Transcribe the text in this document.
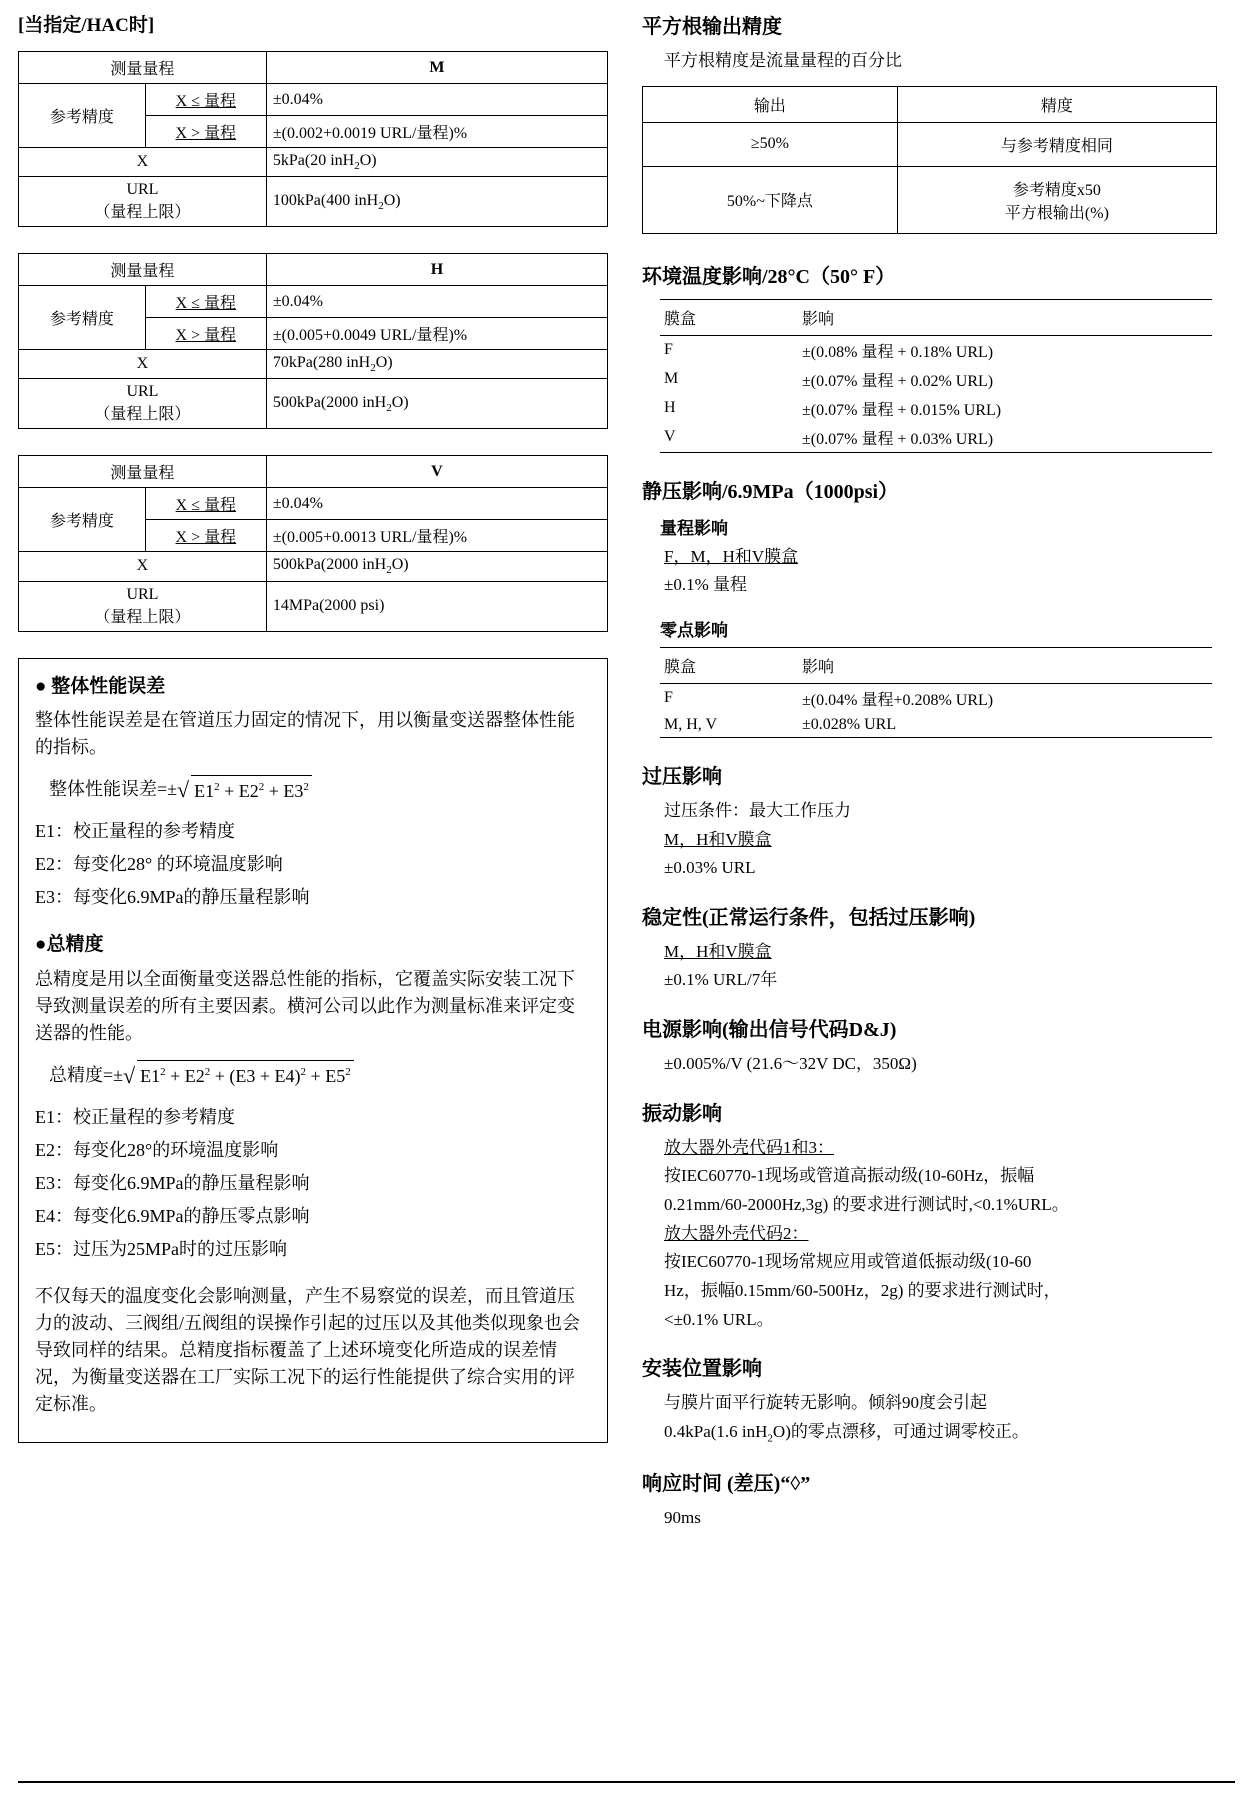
[当指定/HAC时]
测量量程		M
参考精度	X ≤ 量程	±0.04%
	X > 量程	±(0.002+0.0019 URL/量程)%
X		5kPa(20 inH$_2$O)
URL
（量程上限）		100kPa(400 inH$_2$O)
测量量程		H
参考精度	X ≤ 量程	±0.04%
	X > 量程	±(0.005+0.0049 URL/量程)%
X		70kPa(280 inH$_2$O)
URL
（量程上限）		500kPa(2000 inH$_2$O)
测量量程		V
参考精度	X ≤ 量程	±0.04%
	X > 量程	±(0.005+0.0013 URL/量程)%
X		500kPa(2000 inH$_2$O)
URL
（量程上限）		14MPa(2000 psi)

● 整体性能误差

整体性能误差是在管道压力固定的情况下，用以衡量变送器整体性能的指标。

整体性能误差=± √ $E1^2 + E2^2 + E3^2$

E1：校正量程的参考精度

E2：每变化28° 的环境温度影响

E3：每变化6.9MPa的静压量程影响

●总精度

总精度是用以全面衡量变送器总性能的指标，它覆盖实际安装工况下导致测量误差的所有主要因素。横河公司以此作为测量标准来评定变送器的性能。

总精度=± √ $E1^2 + E2^2 + (E3 + E4)^2 + E5^2$

E1：校正量程的参考精度

E2：每变化28°的环境温度影响

E3：每变化6.9MPa的静压量程影响

E4：每变化6.9MPa的静压零点影响

E5：过压为25MPa时的过压影响

不仅每天的温度变化会影响测量，产生不易察觉的误差，而且管道压力的波动、三阀组/五阀组的误操作引起的过压以及其他类似现象也会导致同样的结果。总精度指标覆盖了上述环境变化所造成的误差情况，为衡量变送器在工厂实际工况下的运行性能提供了综合实用的评定标准。

平方根输出精度
平方根精度是流量量程的百分比
输出	精度
≥50%	与参考精度相同
50%~下降点	参考精度x50
平方根输出(%)
环境温度影响/28°C（50° F）
膜盒	影响
F	±(0.08% 量程 + 0.18% URL)
M	±(0.07% 量程 + 0.02% URL)
H	±(0.07% 量程 + 0.015% URL)
V	±(0.07% 量程 + 0.03% URL)
静压影响/6.9MPa（1000psi）
量程影响
F，M，H和V膜盒
±0.1% 量程
零点影响
膜盒	影响
F	±(0.04% 量程+0.208% URL)
M, H, V	±0.028% URL
过压影响
过压条件：最大工作压力
M，H和V膜盒
±0.03% URL
稳定性(正常运行条件，包括过压影响)
M，H和V膜盒
±0.1% URL/7年
电源影响(输出信号代码D&J)
±0.005%/V (21.6～32V DC，350Ω)
振动影响
放大器外壳代码1和3：
按IEC60770-1现场或管道高振动级(10-60Hz，振幅
0.21mm/60-2000Hz,3g) 的要求进行测试时,<0.1%URL。
放大器外壳代码2：
按IEC60770-1现场常规应用或管道低振动级(10-60
Hz，振幅0.15mm/60-500Hz，2g) 的要求进行测试时，
<±0.1% URL。
安装位置影响
与膜片面平行旋转无影响。倾斜90度会引起
0.4kPa(1.6 inH$_2$O)的零点漂移，可通过调零校正。
响应时间 (差压)“◊”
90ms
